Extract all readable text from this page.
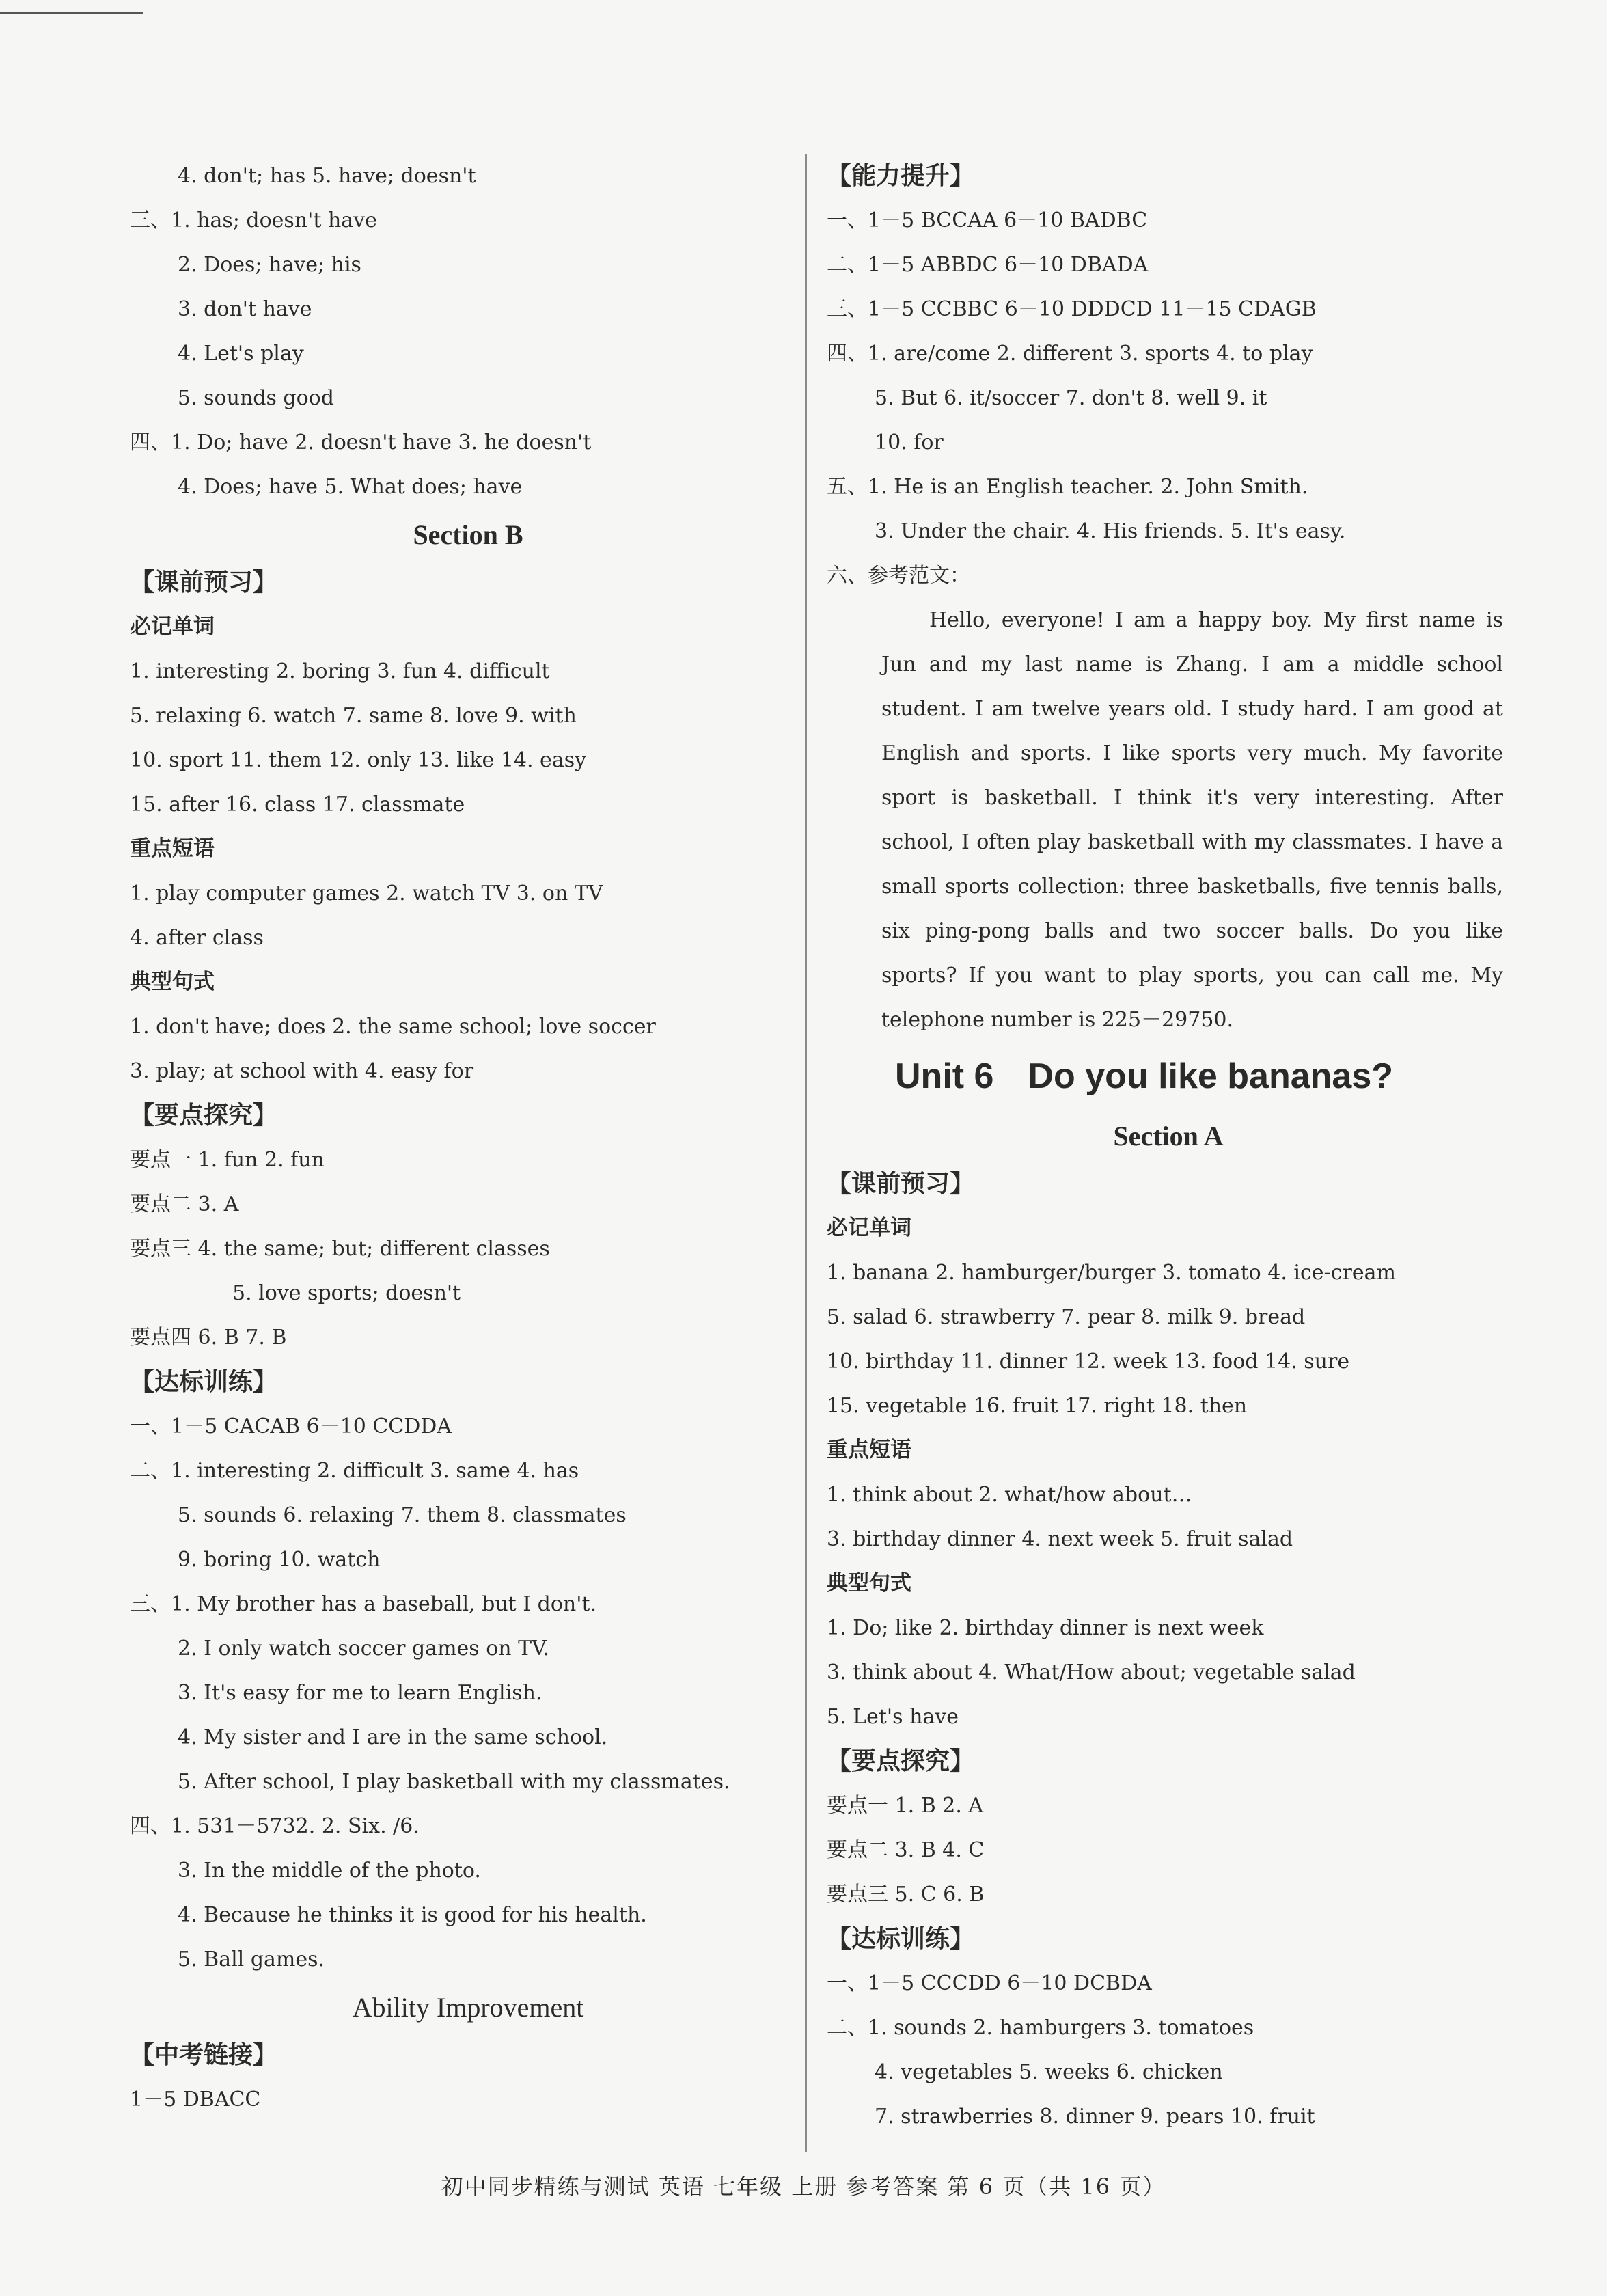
4. don't; has 5. have; doesn't
三、1. has; doesn't have
2. Does; have; his
3. don't have
4. Let's play
5. sounds good
四、1. Do; have 2. doesn't have 3. he doesn't
4. Does; have 5. What does; have
Section B
【课前预习】
必记单词
1. interesting 2. boring 3. fun 4. difficult
5. relaxing 6. watch 7. same 8. love 9. with
10. sport 11. them 12. only 13. like 14. easy
15. after 16. class 17. classmate
重点短语
1. play computer games 2. watch TV 3. on TV
4. after class
典型句式
1. don't have; does 2. the same school; love soccer
3. play; at school with 4. easy for
【要点探究】
要点一 1. fun 2. fun
要点二 3. A
要点三 4. the same; but; different classes
5. love sports; doesn't
要点四 6. B 7. B
【达标训练】
一、1－5 CACAB 6－10 CCDDA
二、1. interesting 2. difficult 3. same 4. has
5. sounds 6. relaxing 7. them 8. classmates
9. boring 10. watch
三、1. My brother has a baseball, but I don't.
2. I only watch soccer games on TV.
3. It's easy for me to learn English.
4. My sister and I are in the same school.
5. After school, I play basketball with my classmates.
四、1. 531－5732. 2. Six. /6.
3. In the middle of the photo.
4. Because he thinks it is good for his health.
5. Ball games.
Ability Improvement
【中考链接】
1－5 DBACC
【能力提升】
一、1－5 BCCAA 6－10 BADBC
二、1－5 ABBDC 6－10 DBADA
三、1－5 CCBBC 6－10 DDDCD 11－15 CDAGB
四、1. are/come 2. different 3. sports 4. to play
5. But 6. it/soccer 7. don't 8. well 9. it
10. for
五、1. He is an English teacher. 2. John Smith.
3. Under the chair. 4. His friends. 5. It's easy.
六、参考范文：
Hello, everyone! I am a happy boy. My first name is Jun and my last name is Zhang. I am a middle school student. I am twelve years old. I study hard. I am good at English and sports. I like sports very much. My favorite sport is basketball. I think it's very interesting. After school, I often play basketball with my classmates. I have a small sports collection: three basketballs, five tennis balls, six ping-pong balls and two soccer balls. Do you like sports? If you want to play sports, you can call me. My telephone number is 225－29750.
Unit 6 Do you like bananas?
Section A
【课前预习】
必记单词
1. banana 2. hamburger/burger 3. tomato 4. ice-cream
5. salad 6. strawberry 7. pear 8. milk 9. bread
10. birthday 11. dinner 12. week 13. food 14. sure
15. vegetable 16. fruit 17. right 18. then
重点短语
1. think about 2. what/how about…
3. birthday dinner 4. next week 5. fruit salad
典型句式
1. Do; like 2. birthday dinner is next week
3. think about 4. What/How about; vegetable salad
5. Let's have
【要点探究】
要点一 1. B 2. A
要点二 3. B 4. C
要点三 5. C 6. B
【达标训练】
一、1－5 CCCDD 6－10 DCBDA
二、1. sounds 2. hamburgers 3. tomatoes
4. vegetables 5. weeks 6. chicken
7. strawberries 8. dinner 9. pears 10. fruit
初中同步精练与测试 英语 七年级 上册 参考答案 第 6 页（共 16 页）
